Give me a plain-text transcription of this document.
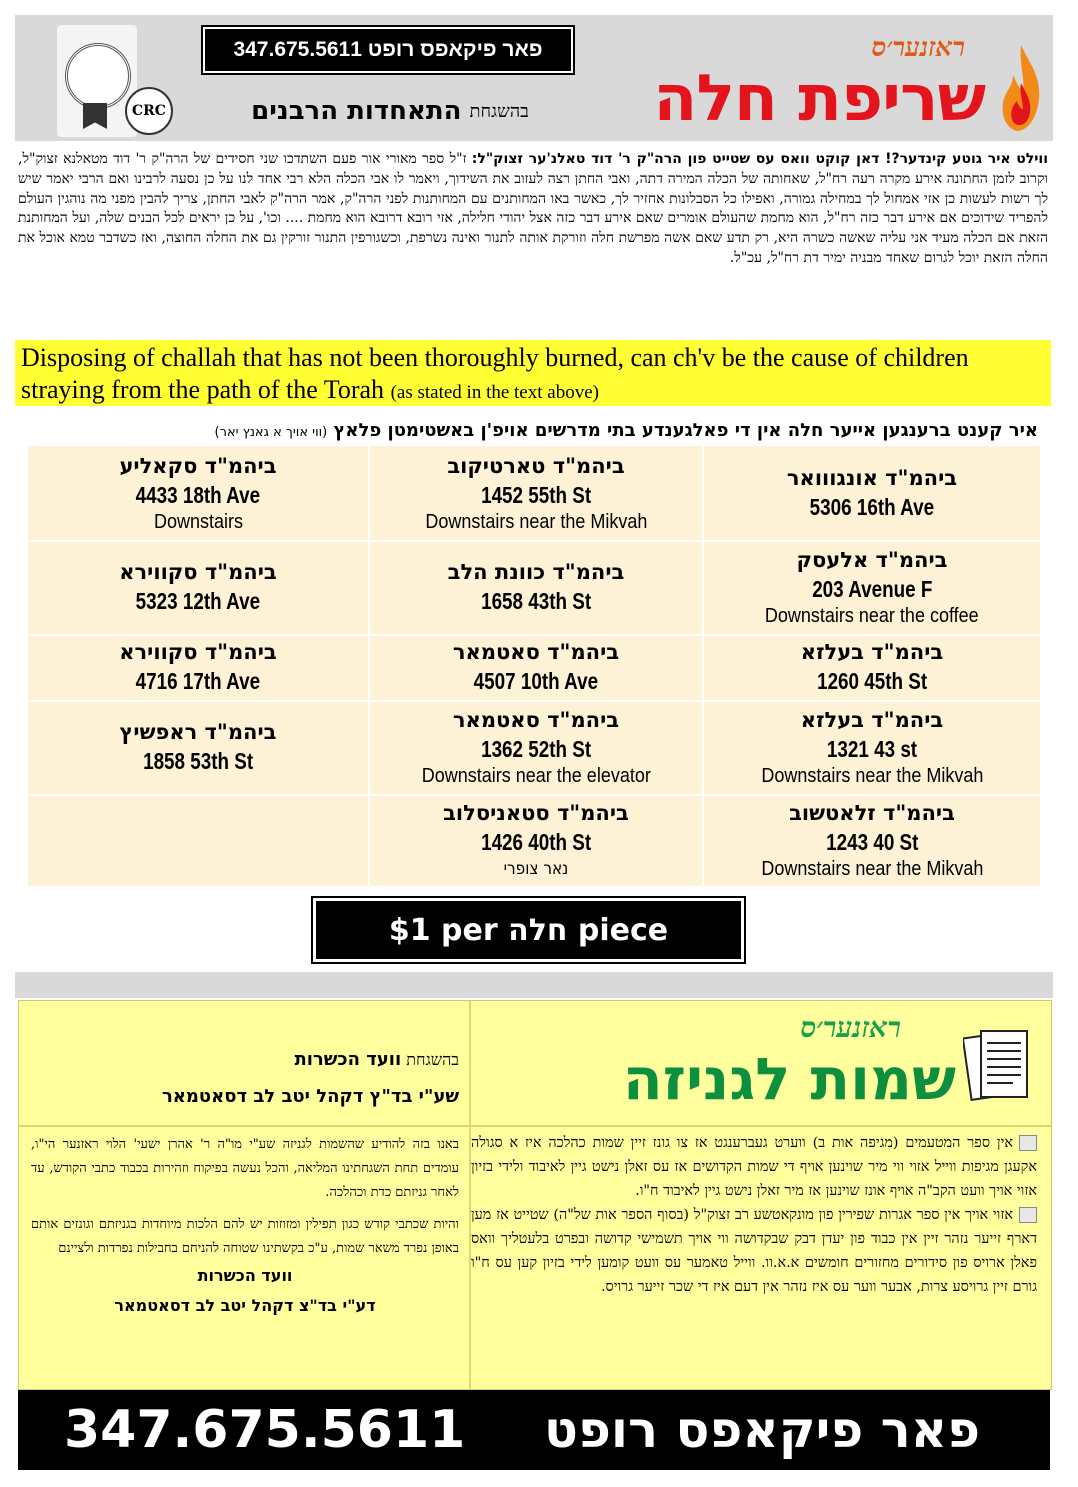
CRC
פאר פיקאפס רופט 347.675.5611
בהשגחת
התאחדות הרבנים
ראזנער׳ס
שריפת חלה
ווילט איר גוטע קינדער?! דאן קוקט וואס עס שטייט פון הרה"ק ר' דוד טאלנ'ער זצוק"ל: ז"ל ספר מאורי אור פעם השתדכו שני חסידים של הרה"ק ר' דוד מטאלנא זצוק"ל, וקרוב לזמן החתונה אירע מקרה רעה רח"ל, שאחותה של הכלה המירה דתה, ואבי החתן רצה לעזוב את השידוך, ויאמר לו אבי הכלה הלא רבי אחד לנו על כן נסעה לרבינו ואם הרבי יאמר שיש לך רשות לעשות כן אזי אמחול לך במחילה גמורה, ואפילו כל הסבלונות אחזיר לך, כאשר באו המחותנים עם המחותנות לפני הרה"ק, אמר הרה"ק לאבי החתן, צריך להבין מפני מה נוהגין העולם להפריד שידוכים אם אירע דבר כזה רח"ל, הוא מחמת שהעולם אומרים שאם אירע דבר כזה אצל יהודי חלילה, אזי רובא דרובא הוא מחמת .... וכו', על כן יראים לכל הבנים שלה, ועל המחותנת הזאת אם הכלה מעיד אני עליה שאשה כשרה היא, רק תדע שאם אשה מפרשת חלה וזורקת אותה לתנור ואינה נשרפת, וכשגורפין התנור זורקין גם את החלה החוצה, ואז כשדבר טמא אוכל את החלה הזאת יוכל לגרום שאחד מבניה ימיר דת רח"ל, עכ"ל.
Disposing of challah that has not been thoroughly burned, can ch'v be the cause of children straying from the path of the Torah (as stated in the text above)
איר קענט ברענגען אייער חלה אין די פאלגענדע בתי מדרשים אויפ'ן באשטימטן פלאץ (ווי אויך א גאנץ יאר)
ביהמ"ד אונגווואר
5306 16th Ave
ביהמ"ד טארטיקוב
1452 55th St
Downstairs near the Mikvah
ביהמ"ד סקאליע
4433 18th Ave
Downstairs
ביהמ"ד אלעסק
203 Avenue F
Downstairs near the coffee
ביהמ"ד כוונת הלב
1658 43th St
ביהמ"ד סקווירא
5323 12th Ave
ביהמ"ד בעלזא
1260 45th St
ביהמ"ד סאטמאר
4507 10th Ave
ביהמ"ד סקווירא
4716 17th Ave
ביהמ"ד בעלזא
1321 43 st
Downstairs near the Mikvah
ביהמ"ד סאטמאר
1362 52th St
Downstairs near the elevator
ביהמ"ד ראפשיץ
1858 53th St
ביהמ"ד זלאטשוב
1243 40 St
Downstairs near the Mikvah
ביהמ"ד סטאניסלוב
1426 40th St
נאר צופרי
$1 per חלה piece
ראזנער׳ס
שמות לגניזה
בהשגחת וועד הכשרות
שע"י בד"ץ דקהל יטב לב דסאטמאר
אין ספר המטעמים (מגיפה אות ב) ווערט געברענגט אז צו גונז זיין שמות כהלכה איז א סגולה אקעגן מגיפות ווייל אזוי ווי מיר שוינען אויף די שמות הקדושים אז עס זאלן נישט גיין לאיבוד ולידי בזיון אזוי אויך וועט הקב"ה אויף אונז שוינען אז מיר זאלן נישט גיין לאיבוד ח"ו.
אזוי אויך אין ספר אגרות שפירין פון מונקאטשע רב זצוק"ל (בסוף הספר אות של"ה) שטייט אז מען דארף זייער נזהר זיין אין כבוד פון יעדן דבק שבקדושה ווי אויך תשמישי קדושה ובפרט בלעטליך וואס פאלן ארויס פון סידורים מחזורים חומשים א.א.וו. ווייל טאמער עס וועט קומען לידי בזיון קען עס ח"ו גורם זיין גרויסע צרות, אבער ווער עס איז נזהר אין דעם איז די שכר זייער גרויס.
באנו בזה להודיע שהשמות לגניזה שע"י מו"ה ר' אהרן ישעי' הלוי ראזנער הי"ו, עומדים תחת השגחתינו המליאה, והכל נעשה בפיקוח וזהירות בכבוד כתבי הקודש, עד לאחר גניזתם כדת וכהלכה.
והיות שכתבי קודש כגון תפילין ומזוזות יש להם הלכות מיוחדות בגניזתם וגונזים אותם באופן נפרד משאר שמות, ע"כ בקשתינו שטוחה להניחם בחבילות נפרדות ולציינם
וועד הכשרות
דע"י בד"צ דקהל יטב לב דסאטמאר
347.675.5611 פאר פיקאפס רופט
